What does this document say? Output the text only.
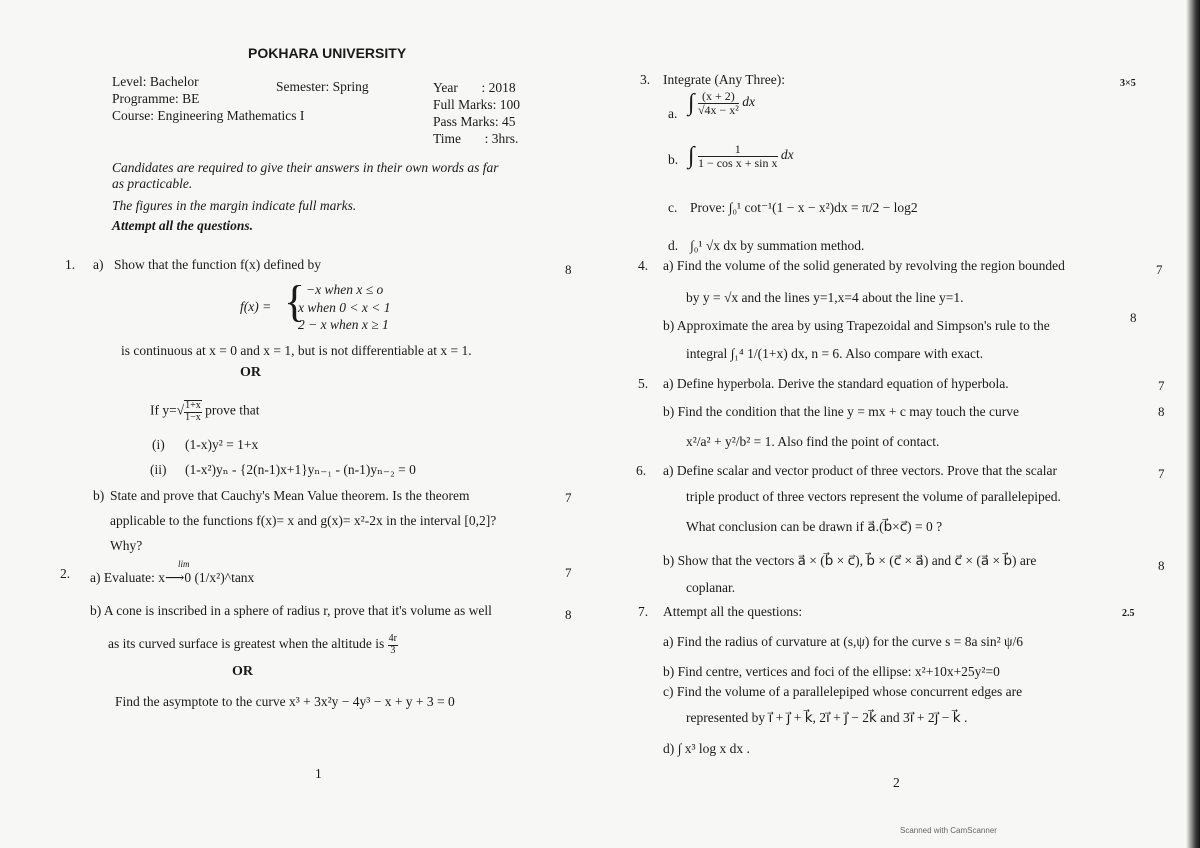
POKHARA UNIVERSITY
Level: Bachelor	Semester: Spring
Programme: BE
Course: Engineering Mathematics I
Year       : 2018
Full Marks: 100
Pass Marks: 45
Time       : 3hrs.
Candidates are required to give their answers in their own words as far
as practicable.
The figures in the margin indicate full marks.
Attempt all the questions.
1. a) Show that the function f(x) defined by	8
f(x) = { −x when x ≤ o
x when 0 < x < 1
2 − x when x ≥ 1
is continuous at x = 0 and x = 1, but is not differentiable at x = 1.
OR
If $y=√ \frac{1+x}{1-x}$ prove that
(i) (1-x)y² = 1+x
(ii) (1-x²)yₙ - {2(n-1)x+1}yₙ₋₁ - (n-1)yₙ₋₂ = 0
b) State and prove that Cauchy's Mean Value theorem. Is the theorem	7
applicable to the functions f(x)= x and g(x)= x²-2x in the interval [0,2]?
Why?
2.
lim
a) Evaluate: x⟶0 (1/x²)^tanx	7
b) A cone is inscribed in a sphere of radius r, prove that it's volume as well	8
as its curved surface is greatest when the altitude is $\frac{4r}{3}$
OR
Find the asymptote to the curve x³ + 3x²y − 4y³ − x + y + 3 = 0
1
3. Integrate (Any Three):	3×5
a. ∫ $\frac{(x + 2)}{\text{√4x − x²}}$ dx
b. ∫ $\frac{1}{\text{1 − cos x + sin x}}$ dx
c. Prove: ∫₀¹ cot⁻¹(1 − x − x²)dx = π/2 − log2
d. ∫₀¹ √x dx by summation method.
4. a) Find the volume of the solid generated by revolving the region bounded	7
by y = √x and the lines y=1,x=4 about the line y=1.
b) Approximate the area by using Trapezoidal and Simpson's rule to the
8
integral ∫₁⁴ 1/(1+x) dx, n = 6. Also compare with exact.
5. a) Define hyperbola. Derive the standard equation of hyperbola.	7
b) Find the condition that the line y = mx + c may touch the curve	8
x²/a² + y²/b² = 1. Also find the point of contact.
6. a) Define scalar and vector product of three vectors. Prove that the scalar	7
triple product of three vectors represent the volume of parallelepiped.
What conclusion can be drawn if a⃗.(b⃗×c⃗) = 0 ?
b) Show that the vectors a⃗ × (b⃗ × c⃗), b⃗ × (c⃗ × a⃗) and c⃗ × (a⃗ × b⃗) are	8
coplanar.
7. Attempt all the questions:	2.5
a) Find the radius of curvature at (s,ψ) for the curve s = 8a sin² ψ/6
b) Find centre, vertices and foci of the ellipse: x²+10x+25y²=0
c) Find the volume of a parallelepiped whose concurrent edges are
represented by i⃗ + j⃗ + k⃗, 2i⃗ + j⃗ − 2k⃗ and 3i⃗ + 2j⃗ − k⃗ .
d) ∫ x³ log x dx .
2
Scanned with CamScanner
